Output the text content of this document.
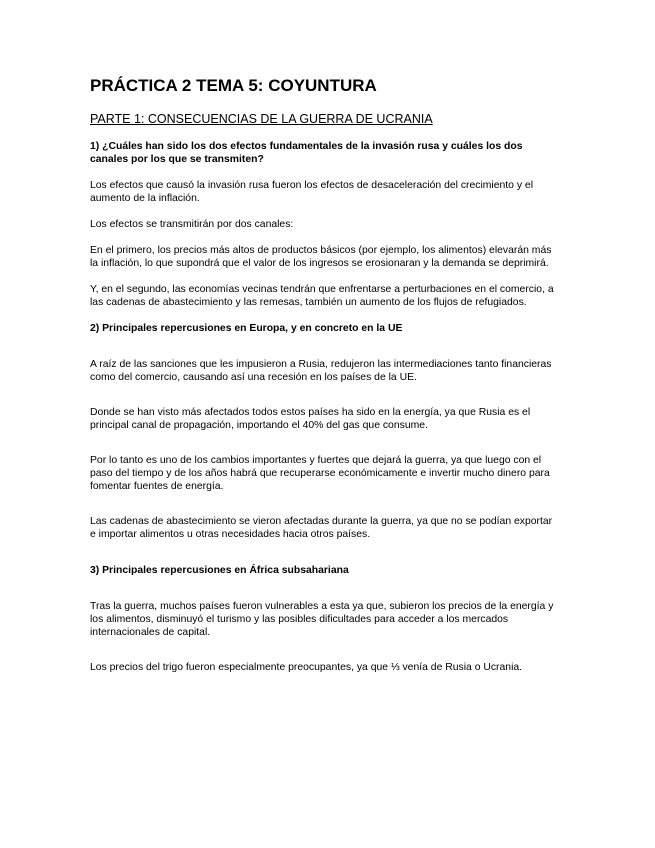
PRÁCTICA 2 TEMA 5: COYUNTURA

PARTE 1: CONSECUENCIAS DE LA GUERRA DE UCRANIA

1) ¿Cuáles han sido los dos efectos fundamentales de la invasión rusa y cuáles los dos canales por los que se transmiten?

Los efectos que causó la invasión rusa fueron los efectos de desaceleración del crecimiento y el aumento de la inflación.

Los efectos se transmitirán por dos canales:

En el primero, los precios más altos de productos básicos (por ejemplo, los alimentos) elevarán más la inflación, lo que supondrá que el valor de los ingresos se erosionaran y la demanda se deprimirá.

Y, en el segundo, las economías vecinas tendrán que enfrentarse a perturbaciones en el comercio, a las cadenas de abastecimiento y las remesas, también un aumento de los flujos de refugiados.

2) Principales repercusiones en Europa, y en concreto en la UE

A raíz de las sanciones que les impusieron a Rusia, redujeron las intermediaciones tanto financieras como del comercio, causando así una recesión en los países de la UE.

Donde se han visto más afectados todos estos países ha sido en la energía, ya que Rusia es el principal canal de propagación, importando el 40% del gas que consume.

Por lo tanto es uno de los cambios importantes y fuertes que dejará la guerra, ya que luego con el paso del tiempo y de los años habrá que recuperarse económicamente e invertir mucho dinero para fomentar fuentes de energía.

Las cadenas de abastecimiento se vieron afectadas durante la guerra, ya que no se podían exportar e importar alimentos u otras necesidades hacia otros países.

3) Principales repercusiones en África subsahariana

Tras la guerra, muchos países fueron vulnerables a esta ya que, subieron los precios de la energía y los alimentos, disminuyó el turismo y las posibles dificultades para acceder a los mercados internacionales de capital.

Los precios del trigo fueron especialmente preocupantes, ya que ⅓ venía de Rusia o Ucrania.
